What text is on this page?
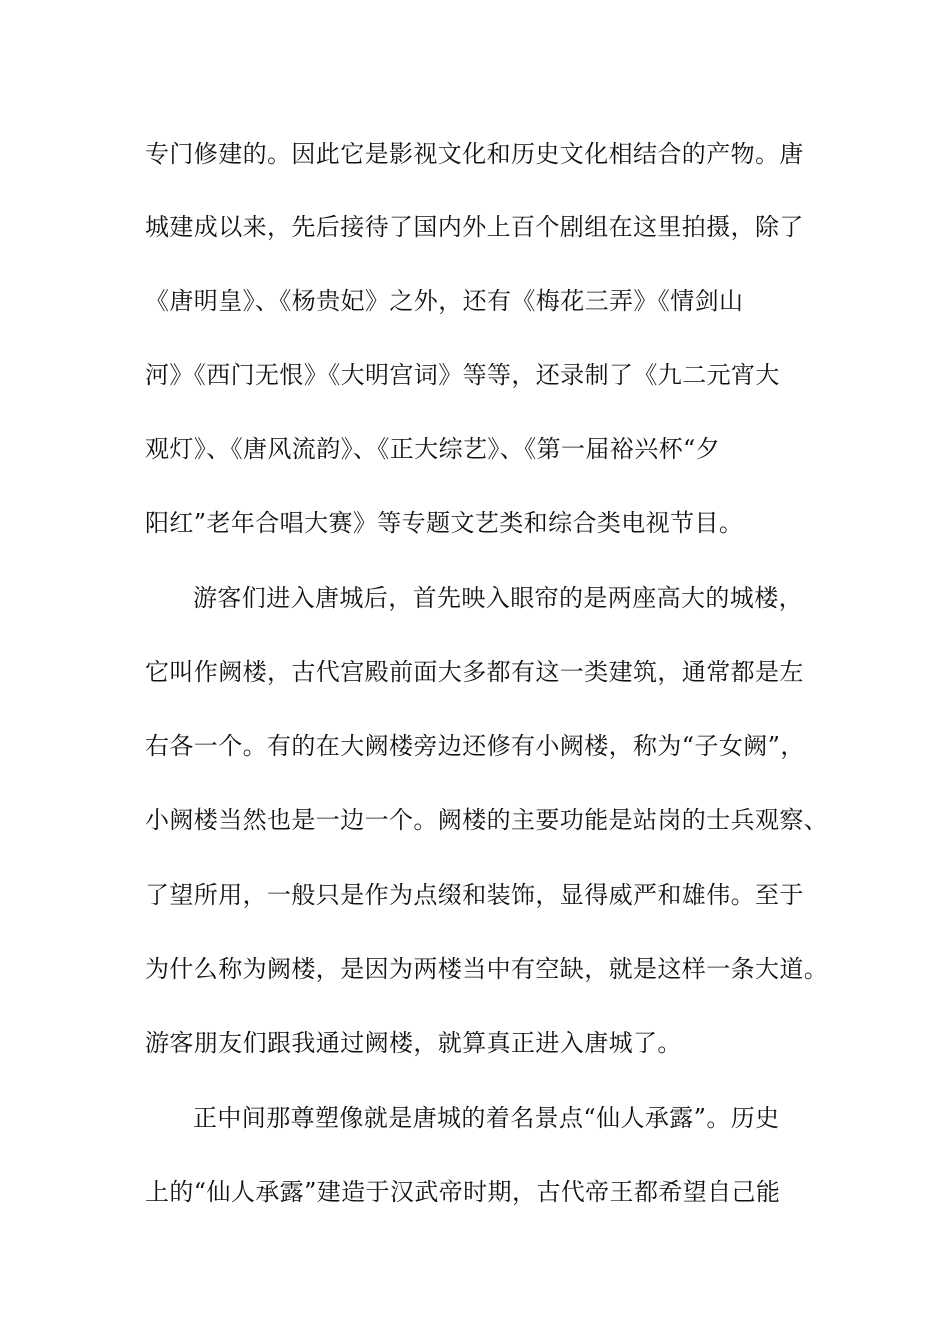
专门修建的。因此它是影视文化和历史文化相结合的产物。唐
城建成以来，先后接待了国内外上百个剧组在这里拍摄，除了
《唐明皇》、《杨贵妃》之外，还有《梅花三弄》《情剑山
河》《西门无恨》《大明宫词》等等，还录制了《九二元宵大
观灯》、《唐风流韵》、《正大综艺》、《第一届裕兴杯“夕
阳红”老年合唱大赛》等专题文艺类和综合类电视节目。
游客们进入唐城后，首先映入眼帘的是两座高大的城楼，
它叫作阙楼，古代宫殿前面大多都有这一类建筑，通常都是左
右各一个。有的在大阙楼旁边还修有小阙楼，称为“子女阙”，
小阙楼当然也是一边一个。阙楼的主要功能是站岗的士兵观察、
了望所用，一般只是作为点缀和装饰，显得威严和雄伟。至于
为什么称为阙楼，是因为两楼当中有空缺，就是这样一条大道。
游客朋友们跟我通过阙楼，就算真正进入唐城了。
正中间那尊塑像就是唐城的着名景点“仙人承露”。历史
上的“仙人承露”建造于汉武帝时期，古代帝王都希望自己能
